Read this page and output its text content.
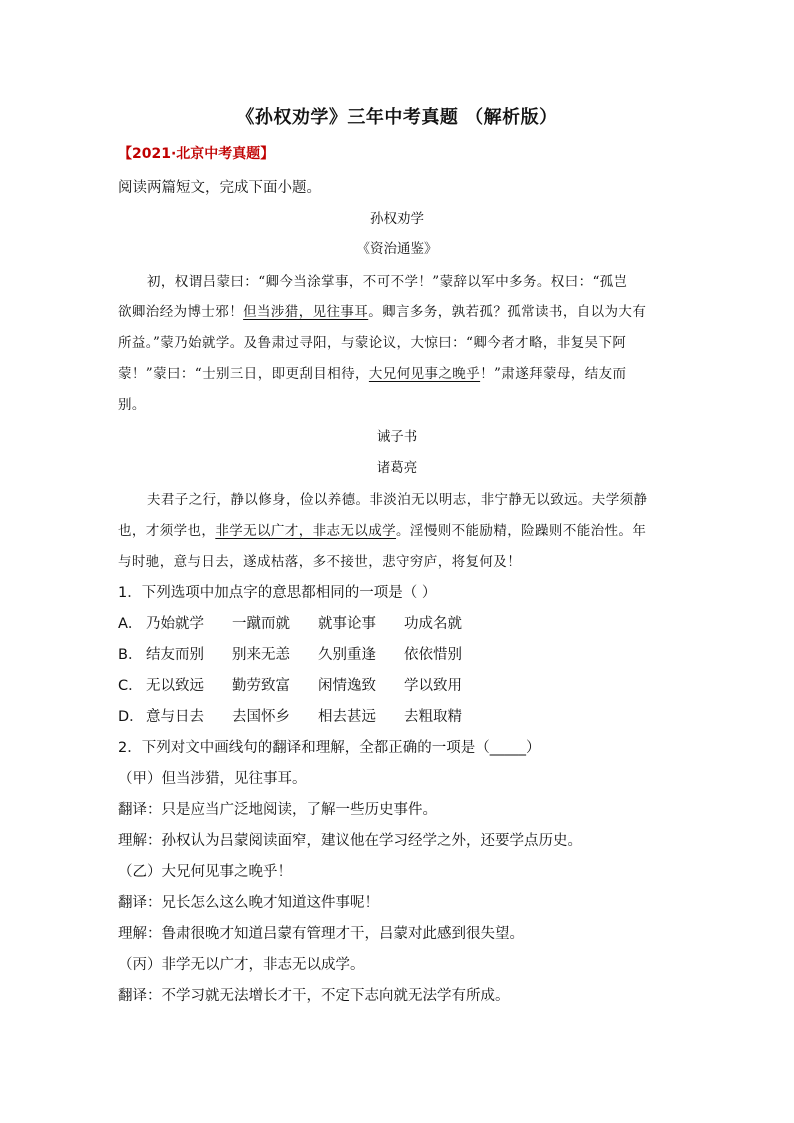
《孙权劝学》三年中考真题 （解析版）
【2021·北京中考真题】
阅读两篇短文，完成下面小题。
孙权劝学
《资治通鉴》
初，权谓吕蒙曰：“卿今当涂掌事，不可不学！”蒙辞以军中多务。权曰：“孤岂
欲卿治经为博士邪！但当涉猎，见往事耳。卿言多务，孰若孤？孤常读书，自以为大有
所益。”蒙乃始就学。及鲁肃过寻阳，与蒙论议，大惊曰：“卿今者才略，非复吴下阿
蒙！”蒙曰：“士别三日，即更刮目相待，大兄何见事之晚乎！”肃遂拜蒙母，结友而
别。
诫子书
诸葛亮
夫君子之行，静以修身，俭以养德。非淡泊无以明志，非宁静无以致远。夫学须静
也，才须学也，非学无以广才，非志无以成学。淫慢则不能励精，险躁则不能治性。年
与时驰，意与日去，遂成枯落，多不接世，悲守穷庐，将复何及！
1．下列选项中加点字的意思都相同的一项是（ ）
A． 乃始就学 一蹴而就 就事论事 功成名就
B． 结友而别 别来无恙 久别重逢 依依惜别
C． 无以致远 勤劳致富 闲情逸致 学以致用
D． 意与日去 去国怀乡 相去甚远 去粗取精
2．下列对文中画线句的翻译和理解，全都正确的一项是（_____）
（甲）但当涉猎，见往事耳。
翻译：只是应当广泛地阅读，了解一些历史事件。
理解：孙权认为吕蒙阅读面窄，建议他在学习经学之外，还要学点历史。
（乙）大兄何见事之晚乎！
翻译：兄长怎么这么晚才知道这件事呢！
理解：鲁肃很晚才知道吕蒙有管理才干，吕蒙对此感到很失望。
（丙）非学无以广才，非志无以成学。
翻译：不学习就无法增长才干，不定下志向就无法学有所成。
